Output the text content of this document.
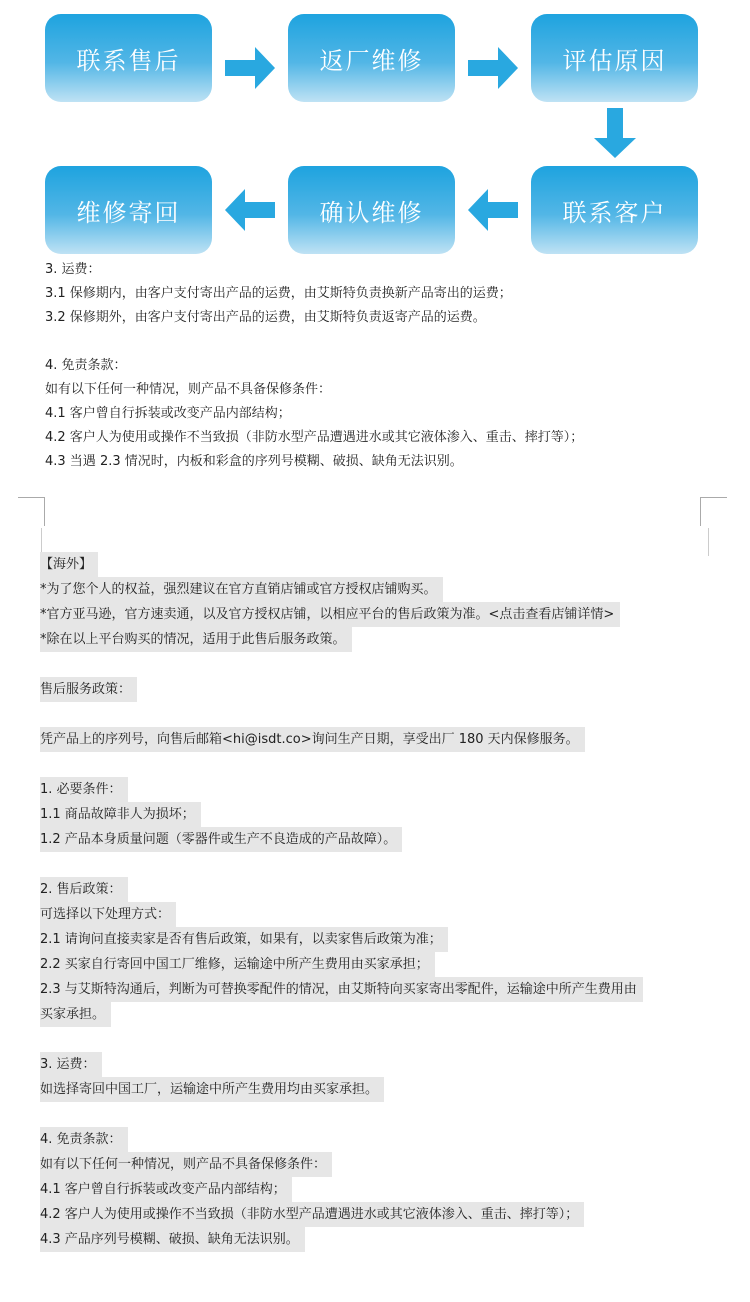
联系售后	返厂维修	评估原因
联系客户
确认维修
维修寄回
3. 运费：
3.1 保修期内，由客户支付寄出产品的运费，由艾斯特负责换新产品寄出的运费；
3.2 保修期外，由客户支付寄出产品的运费，由艾斯特负责返寄产品的运费。
4. 免责条款：
如有以下任何一种情况，则产品不具备保修条件：
4.1 客户曾自行拆装或改变产品内部结构；
4.2 客户人为使用或操作不当致损（非防水型产品遭遇进水或其它液体渗入、重击、摔打等）；
4.3 当遇 2.3 情况时，内板和彩盒的序列号模糊、破损、缺角无法识别。
【海外】
*为了您个人的权益，强烈建议在官方直销店铺或官方授权店铺购买。
*官方亚马逊，官方速卖通，以及官方授权店铺，以相应平台的售后政策为准。<点击查看店铺详情>
*除在以上平台购买的情况，适用于此售后服务政策。
售后服务政策：
凭产品上的序列号，向售后邮箱<hi@isdt.co>询问生产日期，享受出厂 180 天内保修服务。
1. 必要条件：
1.1 商品故障非人为损坏；
1.2 产品本身质量问题（零器件或生产不良造成的产品故障）。
2. 售后政策：
可选择以下处理方式：
2.1 请询问直接卖家是否有售后政策，如果有，以卖家售后政策为准；
2.2 买家自行寄回中国工厂维修，运输途中所产生费用由买家承担；
2.3 与艾斯特沟通后，判断为可替换零配件的情况，由艾斯特向买家寄出零配件，运输途中所产生费用由
买家承担。
3. 运费：
如选择寄回中国工厂，运输途中所产生费用均由买家承担。
4. 免责条款：
如有以下任何一种情况，则产品不具备保修条件：
4.1 客户曾自行拆装或改变产品内部结构；
4.2 客户人为使用或操作不当致损（非防水型产品遭遇进水或其它液体渗入、重击、摔打等）；
4.3 产品序列号模糊、破损、缺角无法识别。
